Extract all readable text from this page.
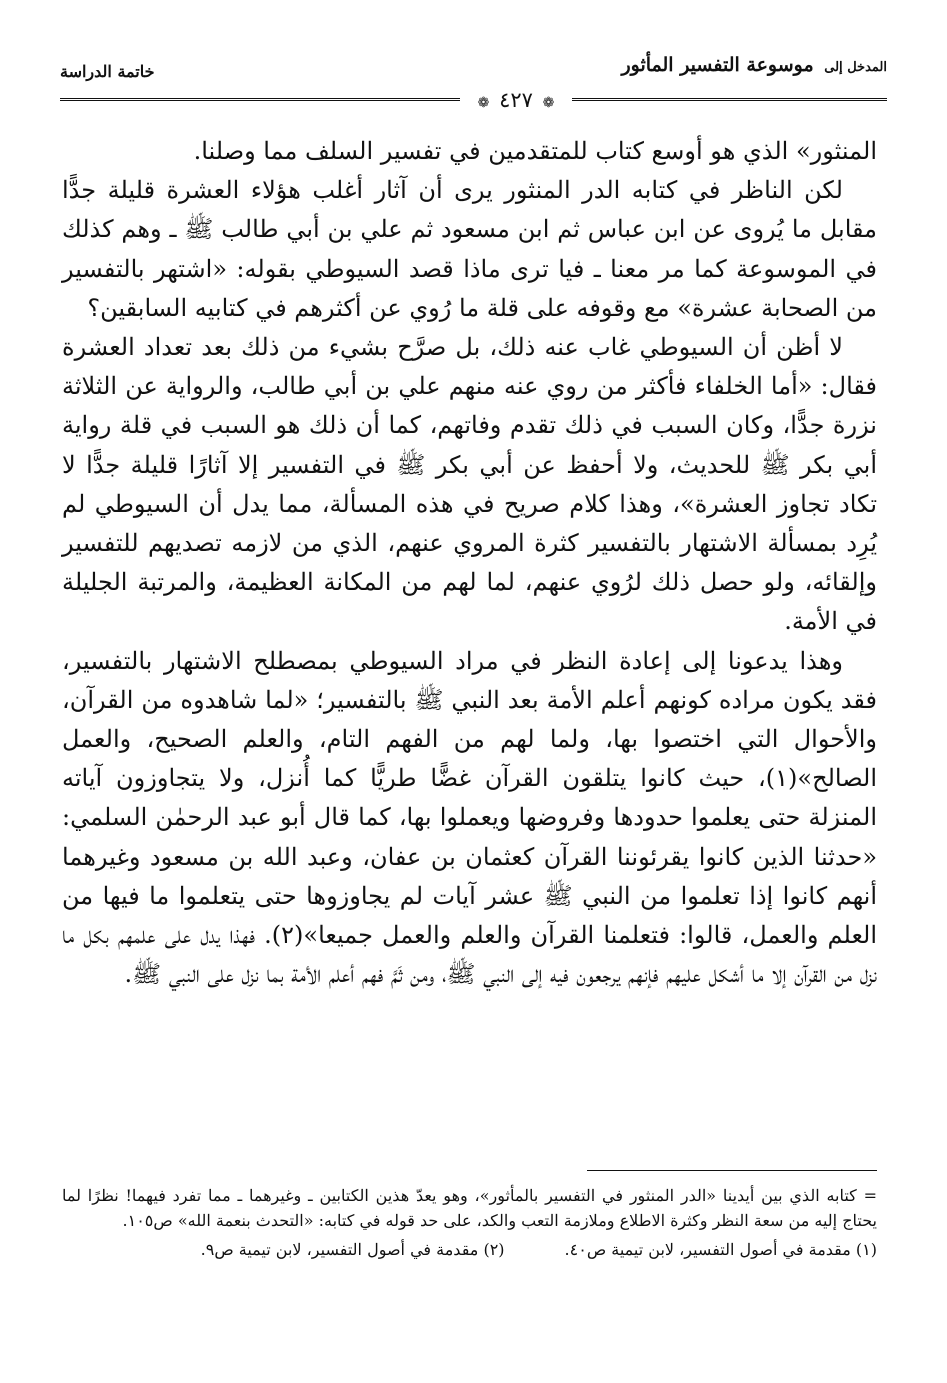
المدخل إلى موسوعة التفسير المأثور
❁ ٤٢٧ ❁
خاتمة الدراسة

المنثور» الذي هو أوسع كتاب للمتقدمين في تفسير السلف مما وصلنا.

لكن الناظر في كتابه الدر المنثور يرى أن آثار أغلب هؤلاء العشرة قليلة جدًّا مقابل ما يُروى عن ابن عباس ثم ابن مسعود ثم علي بن أبي طالب ﷺ ـ وهم كذلك في الموسوعة كما مر معنا ـ فيا ترى ماذا قصد السيوطي بقوله: «اشتهر بالتفسير من الصحابة عشرة» مع وقوفه على قلة ما رُوي عن أكثرهم في كتابيه السابقين؟

لا أظن أن السيوطي غاب عنه ذلك، بل صرَّح بشيء من ذلك بعد تعداد العشرة فقال: «أما الخلفاء فأكثر من روي عنه منهم علي بن أبي طالب، والرواية عن الثلاثة نزرة جدًّا، وكان السبب في ذلك تقدم وفاتهم، كما أن ذلك هو السبب في قلة رواية أبي بكر ﷺ للحديث، ولا أحفظ عن أبي بكر ﷺ في التفسير إلا آثارًا قليلة جدًّا لا تكاد تجاوز العشرة»، وهذا كلام صريح في هذه المسألة، مما يدل أن السيوطي لم يُرِد بمسألة الاشتهار بالتفسير كثرة المروي عنهم، الذي من لازمه تصديهم للتفسير وإلقائه، ولو حصل ذلك لرُوي عنهم، لما لهم من المكانة العظيمة، والمرتبة الجليلة في الأمة.

وهذا يدعونا إلى إعادة النظر في مراد السيوطي بمصطلح الاشتهار بالتفسير، فقد يكون مراده كونهم أعلم الأمة بعد النبي ﷺ بالتفسير؛ «لما شاهدوه من القرآن، والأحوال التي اختصوا بها، ولما لهم من الفهم التام، والعلم الصحيح، والعمل الصالح»(١)، حيث كانوا يتلقون القرآن غضًّا طريًّا كما أُنزل، ولا يتجاوزون آياته المنزلة حتى يعلموا حدودها وفروضها ويعملوا بها، كما قال أبو عبد الرحمٰن السلمي: «حدثنا الذين كانوا يقرئوننا القرآن كعثمان بن عفان، وعبد الله بن مسعود وغيرهما أنهم كانوا إذا تعلموا من النبي ﷺ عشر آيات لم يجاوزوها حتى يتعلموا ما فيها من العلم والعمل، قالوا: فتعلمنا القرآن والعلم والعمل جميعا»(٢). فهذا يدل على علمهم بكل ما نزل من القرآن إلا ما أشكل عليهم فإنهم يرجعون فيه إلى النبي ﷺ، ومن ثَمَّ فهم أعلم الأمة بما نزل على النبي ﷺ.

= كتابه الذي بين أيدينا «الدر المنثور في التفسير بالمأثور»، وهو يعدّ هذين الكتابين ـ وغيرهما ـ مما تفرد فيهما! نظرًا لما يحتاج إليه من سعة النظر وكثرة الاطلاع وملازمة التعب والكد، على حد قوله في كتابه: «التحدث بنعمة الله» ص١٠٥.

(١) مقدمة في أصول التفسير، لابن تيمية ص٤٠.
(٢) مقدمة في أصول التفسير، لابن تيمية ص٩.
